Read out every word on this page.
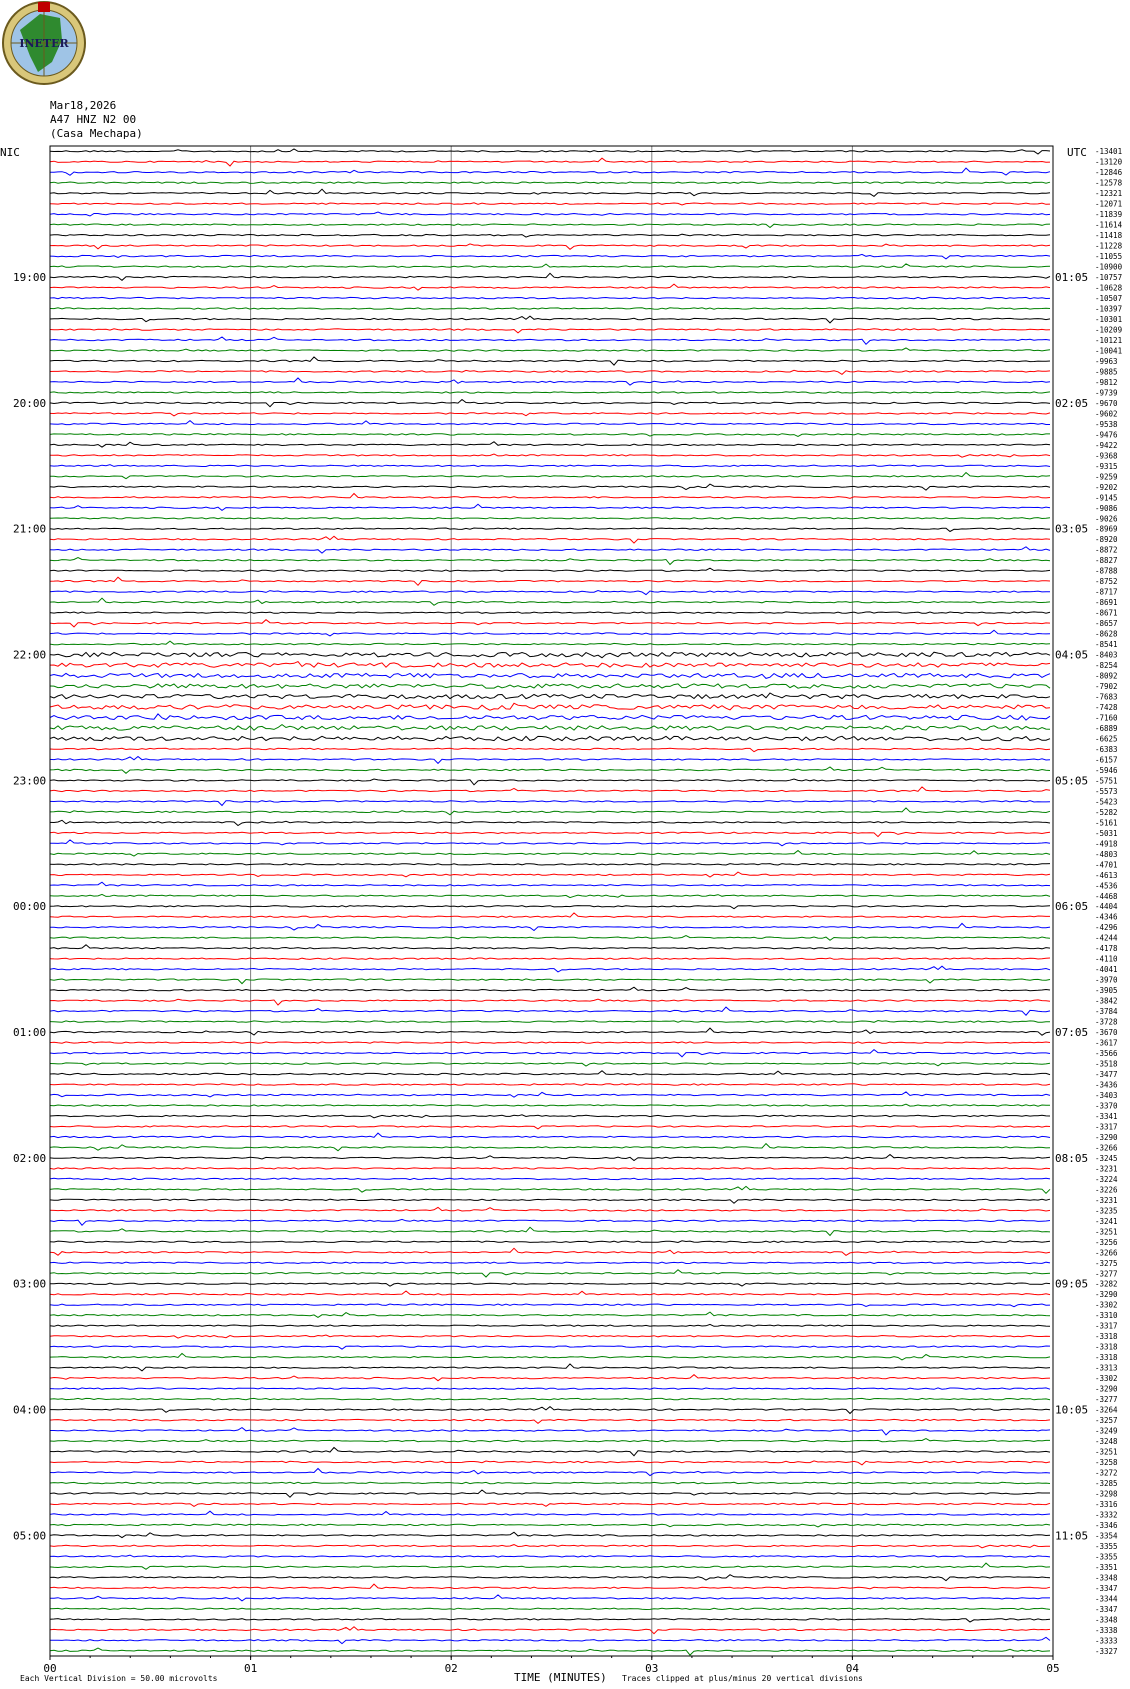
INETER
Mar18,2026
A47 HNZ N2 00
(Casa Mechapa)
-13401
-13120
-12846
-12578
-12321
-12071
-11839
-11614
-11418
-11228
-11055
-10900
-10757
-10628
-10507
-10397
-10301
-10209
-10121
-10041
-9963
-9885
-9812
-9739
-9670
-9602
-9538
-9476
-9422
-9368
-9315
-9259
-9202
-9145
-9086
-9026
-8969
-8920
-8872
-8827
-8788
-8752
-8717
-8691
-8671
-8657
-8628
-8541
-8403
-8254
-8092
-7902
-7683
-7428
-7160
-6889
-6625
-6383
-6157
-5946
-5751
-5573
-5423
-5282
-5161
-5031
-4918
-4803
-4701
-4613
-4536
-4468
-4404
-4346
-4296
-4244
-4178
-4110
-4041
-3970
-3905
-3842
-3784
-3728
-3670
-3617
-3566
-3518
-3477
-3436
-3403
-3370
-3341
-3317
-3290
-3266
-3245
-3231
-3224
-3226
-3231
-3235
-3241
-3251
-3256
-3266
-3275
-3277
-3282
-3290
-3302
-3310
-3317
-3318
-3318
-3318
-3313
-3302
-3290
-3277
-3264
-3257
-3249
-3248
-3251
-3258
-3272
-3285
-3298
-3316
-3332
-3346
-3354
-3355
-3355
-3351
-3348
-3347
-3344
-3347
-3348
-3338
-3333
-3327
19:00
20:00
21:00
22:00
23:00
00:00
01:00
02:00
03:00
04:00
05:00
01:05
02:05
03:05
04:05
05:05
06:05
07:05
08:05
09:05
10:05
11:05
00	01	02	03	04	05
NIC	UTC
Each Vertical Division = 50.00 microvolts	TIME (MINUTES) Traces clipped at plus/minus 20 vertical divisions
